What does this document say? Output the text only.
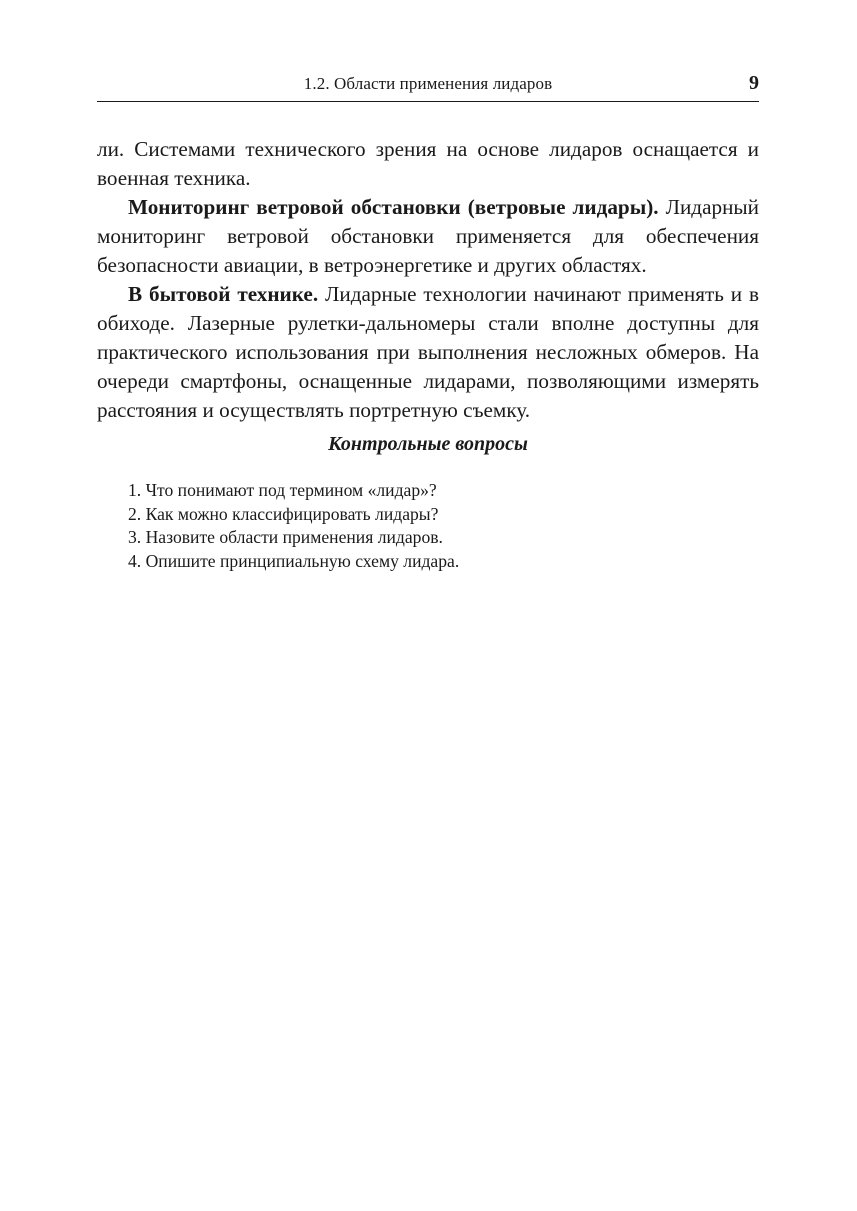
1.2. Области применения лидаров	9

ли. Системами технического зрения на основе лидаров оснащается и военная техника.

Мониторинг ветровой обстановки (ветровые лидары). Лидарный мониторинг ветровой обстановки применяется для обеспечения безопасности авиации, в ветроэнергетике и других областях.

В бытовой технике. Лидарные технологии начинают применять и в обиходе. Лазерные рулетки-дальномеры стали вполне доступны для практического использования при выполнения несложных обмеров. На очереди смартфоны, оснащенные лидарами, позволяющими измерять расстояния и осуществлять портретную съемку.

Контрольные вопросы
1. Что понимают под термином «лидар»?
2. Как можно классифицировать лидары?
3. Назовите области применения лидаров.
4. Опишите принципиальную схему лидара.
